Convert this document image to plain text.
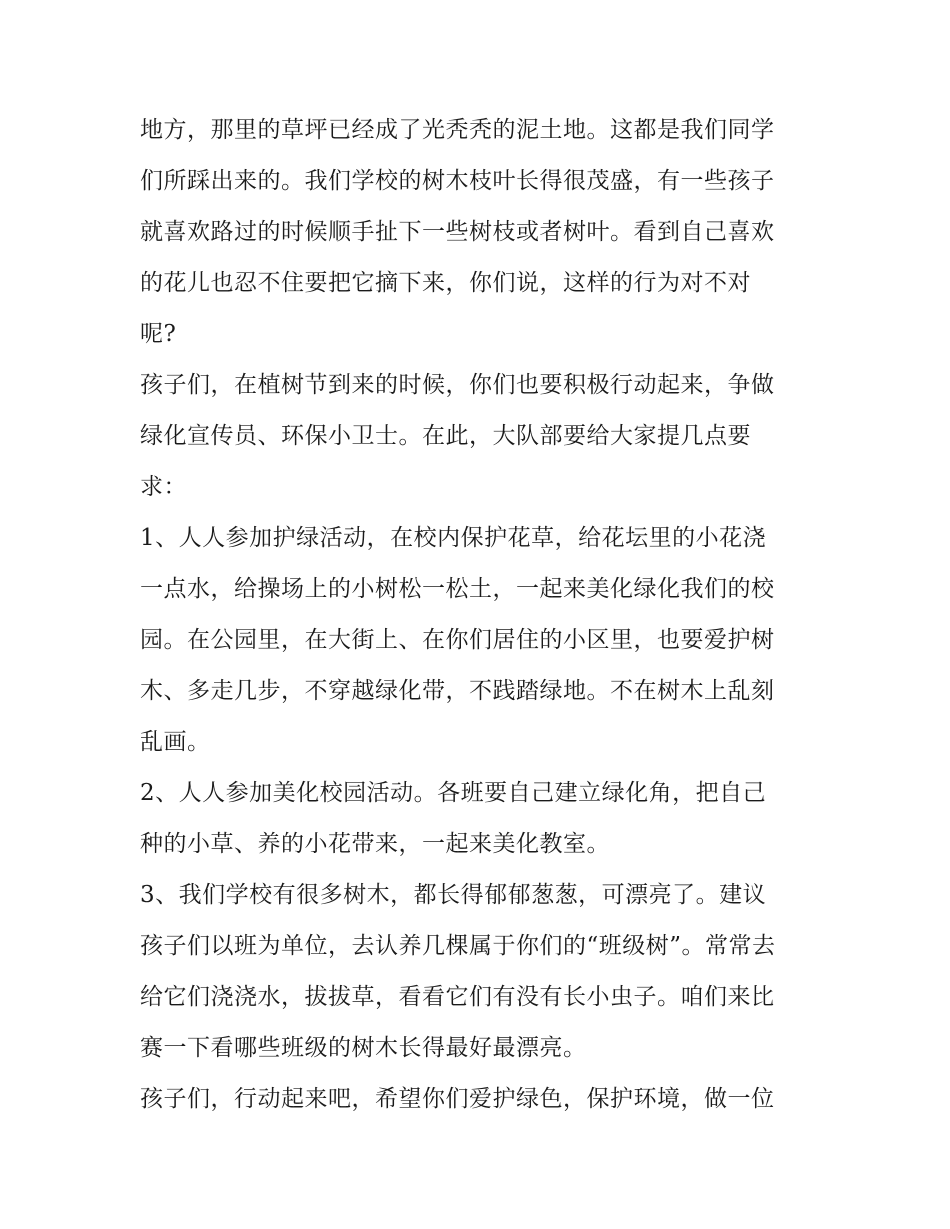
地方，那里的草坪已经成了光秃秃的泥土地。这都是我们同学
们所踩出来的。我们学校的树木枝叶长得很茂盛，有一些孩子
就喜欢路过的时候顺手扯下一些树枝或者树叶。看到自己喜欢
的花儿也忍不住要把它摘下来，你们说，这样的行为对不对
呢?
孩子们，在植树节到来的时候，你们也要积极行动起来，争做
绿化宣传员、环保小卫士。在此，大队部要给大家提几点要
求：
1、人人参加护绿活动，在校内保护花草，给花坛里的小花浇
一点水，给操场上的小树松一松土，一起来美化绿化我们的校
园。在公园里，在大街上、在你们居住的小区里，也要爱护树
木、多走几步，不穿越绿化带，不践踏绿地。不在树木上乱刻
乱画。
2、人人参加美化校园活动。各班要自己建立绿化角，把自己
种的小草、养的小花带来，一起来美化教室。
3、我们学校有很多树木，都长得郁郁葱葱，可漂亮了。建议
孩子们以班为单位，去认养几棵属于你们的“班级树”。常常去
给它们浇浇水，拔拔草，看看它们有没有长小虫子。咱们来比
赛一下看哪些班级的树木长得最好最漂亮。
孩子们，行动起来吧，希望你们爱护绿色，保护环境，做一位
